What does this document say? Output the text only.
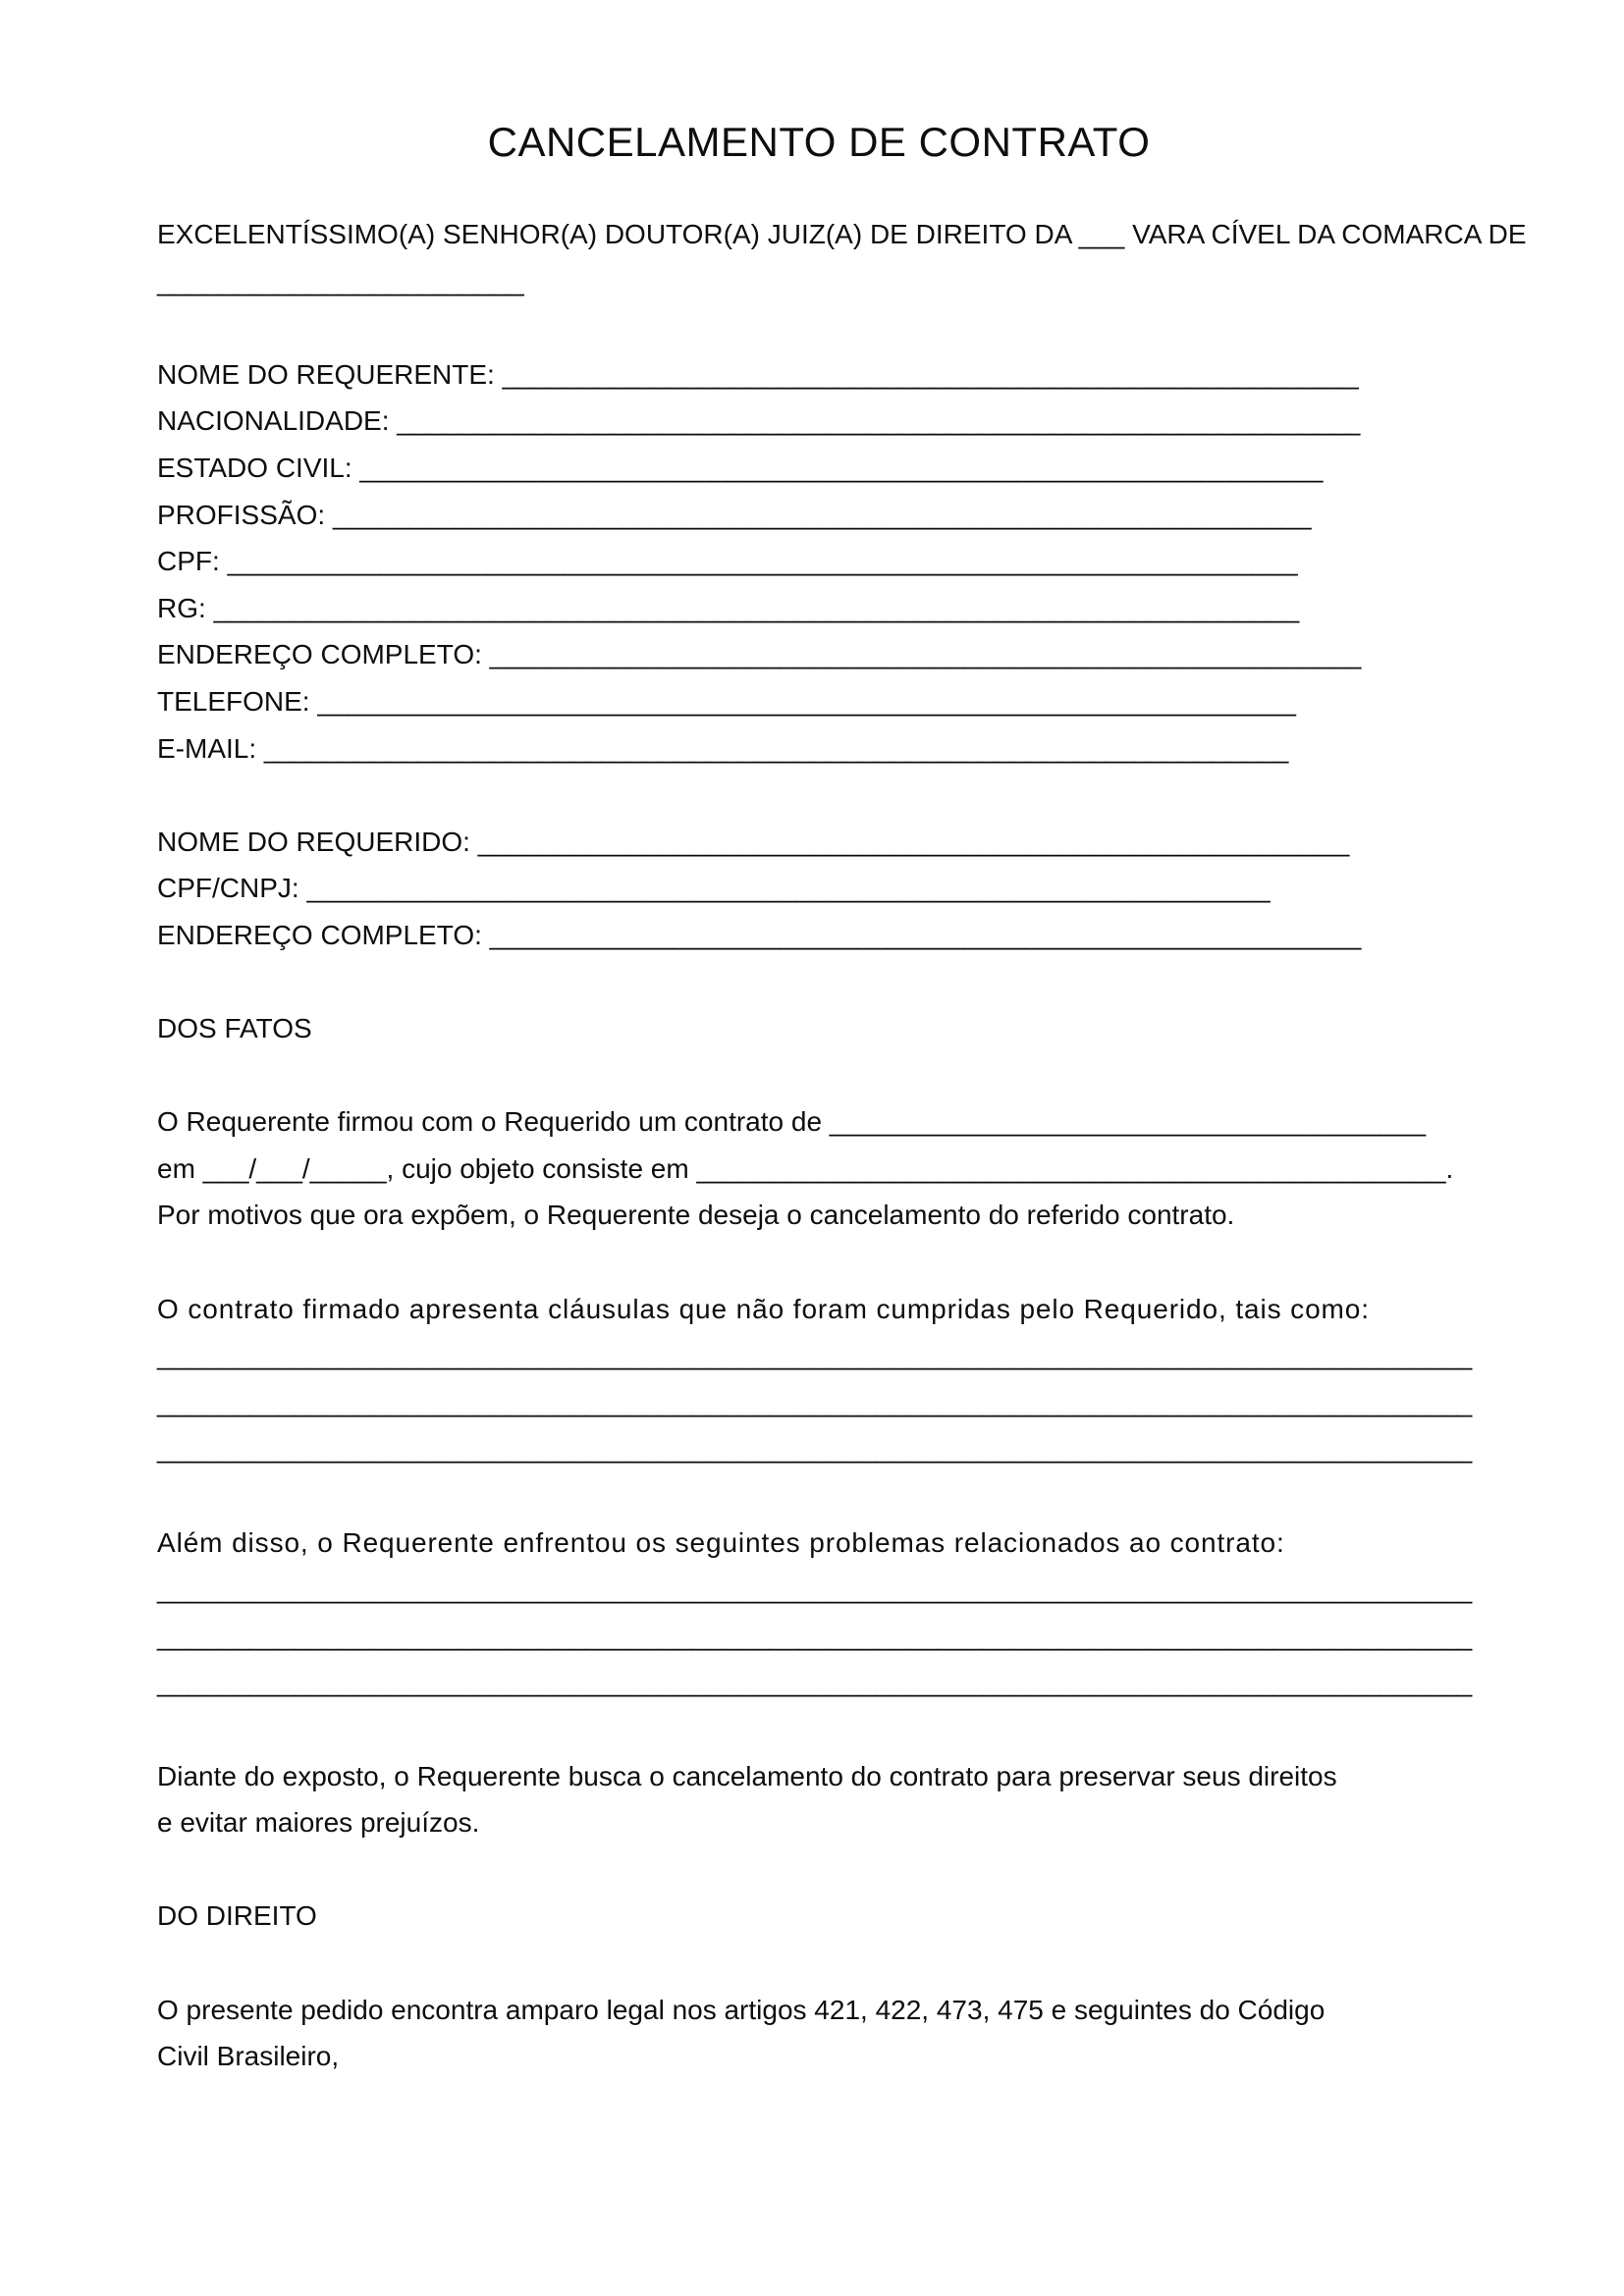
CANCELAMENTO DE CONTRATO
EXCELENTÍSSIMO(A) SENHOR(A) DOUTOR(A) JUIZ(A) DE DIREITO DA ___ VARA CÍVEL DA COMARCA DE
________________________
NOME DO REQUERENTE: ________________________________________________________
NACIONALIDADE: _______________________________________________________________
ESTADO CIVIL: _______________________________________________________________
PROFISSÃO: ________________________________________________________________
CPF: ______________________________________________________________________
RG: _______________________________________________________________________
ENDEREÇO COMPLETO: _________________________________________________________
TELEFONE: ________________________________________________________________
E-MAIL: ___________________________________________________________________
NOME DO REQUERIDO: _________________________________________________________
CPF/CNPJ: _______________________________________________________________
ENDEREÇO COMPLETO: _________________________________________________________
DOS FATOS
O Requerente firmou com o Requerido um contrato de _______________________________________
em ___/___/_____, cujo objeto consiste em _________________________________________________.
Por motivos que ora expõem, o Requerente deseja o cancelamento do referido contrato.
O contrato firmado apresenta cláusulas que não foram cumpridas pelo Requerido, tais como:
______________________________________________________________________________________
______________________________________________________________________________________
______________________________________________________________________________________
Além disso, o Requerente enfrentou os seguintes problemas relacionados ao contrato:
______________________________________________________________________________________
______________________________________________________________________________________
______________________________________________________________________________________
Diante do exposto, o Requerente busca o cancelamento do contrato para preservar seus direitos
e evitar maiores prejuízos.
DO DIREITO
O presente pedido encontra amparo legal nos artigos 421, 422, 473, 475 e seguintes do Código
Civil Brasileiro,
